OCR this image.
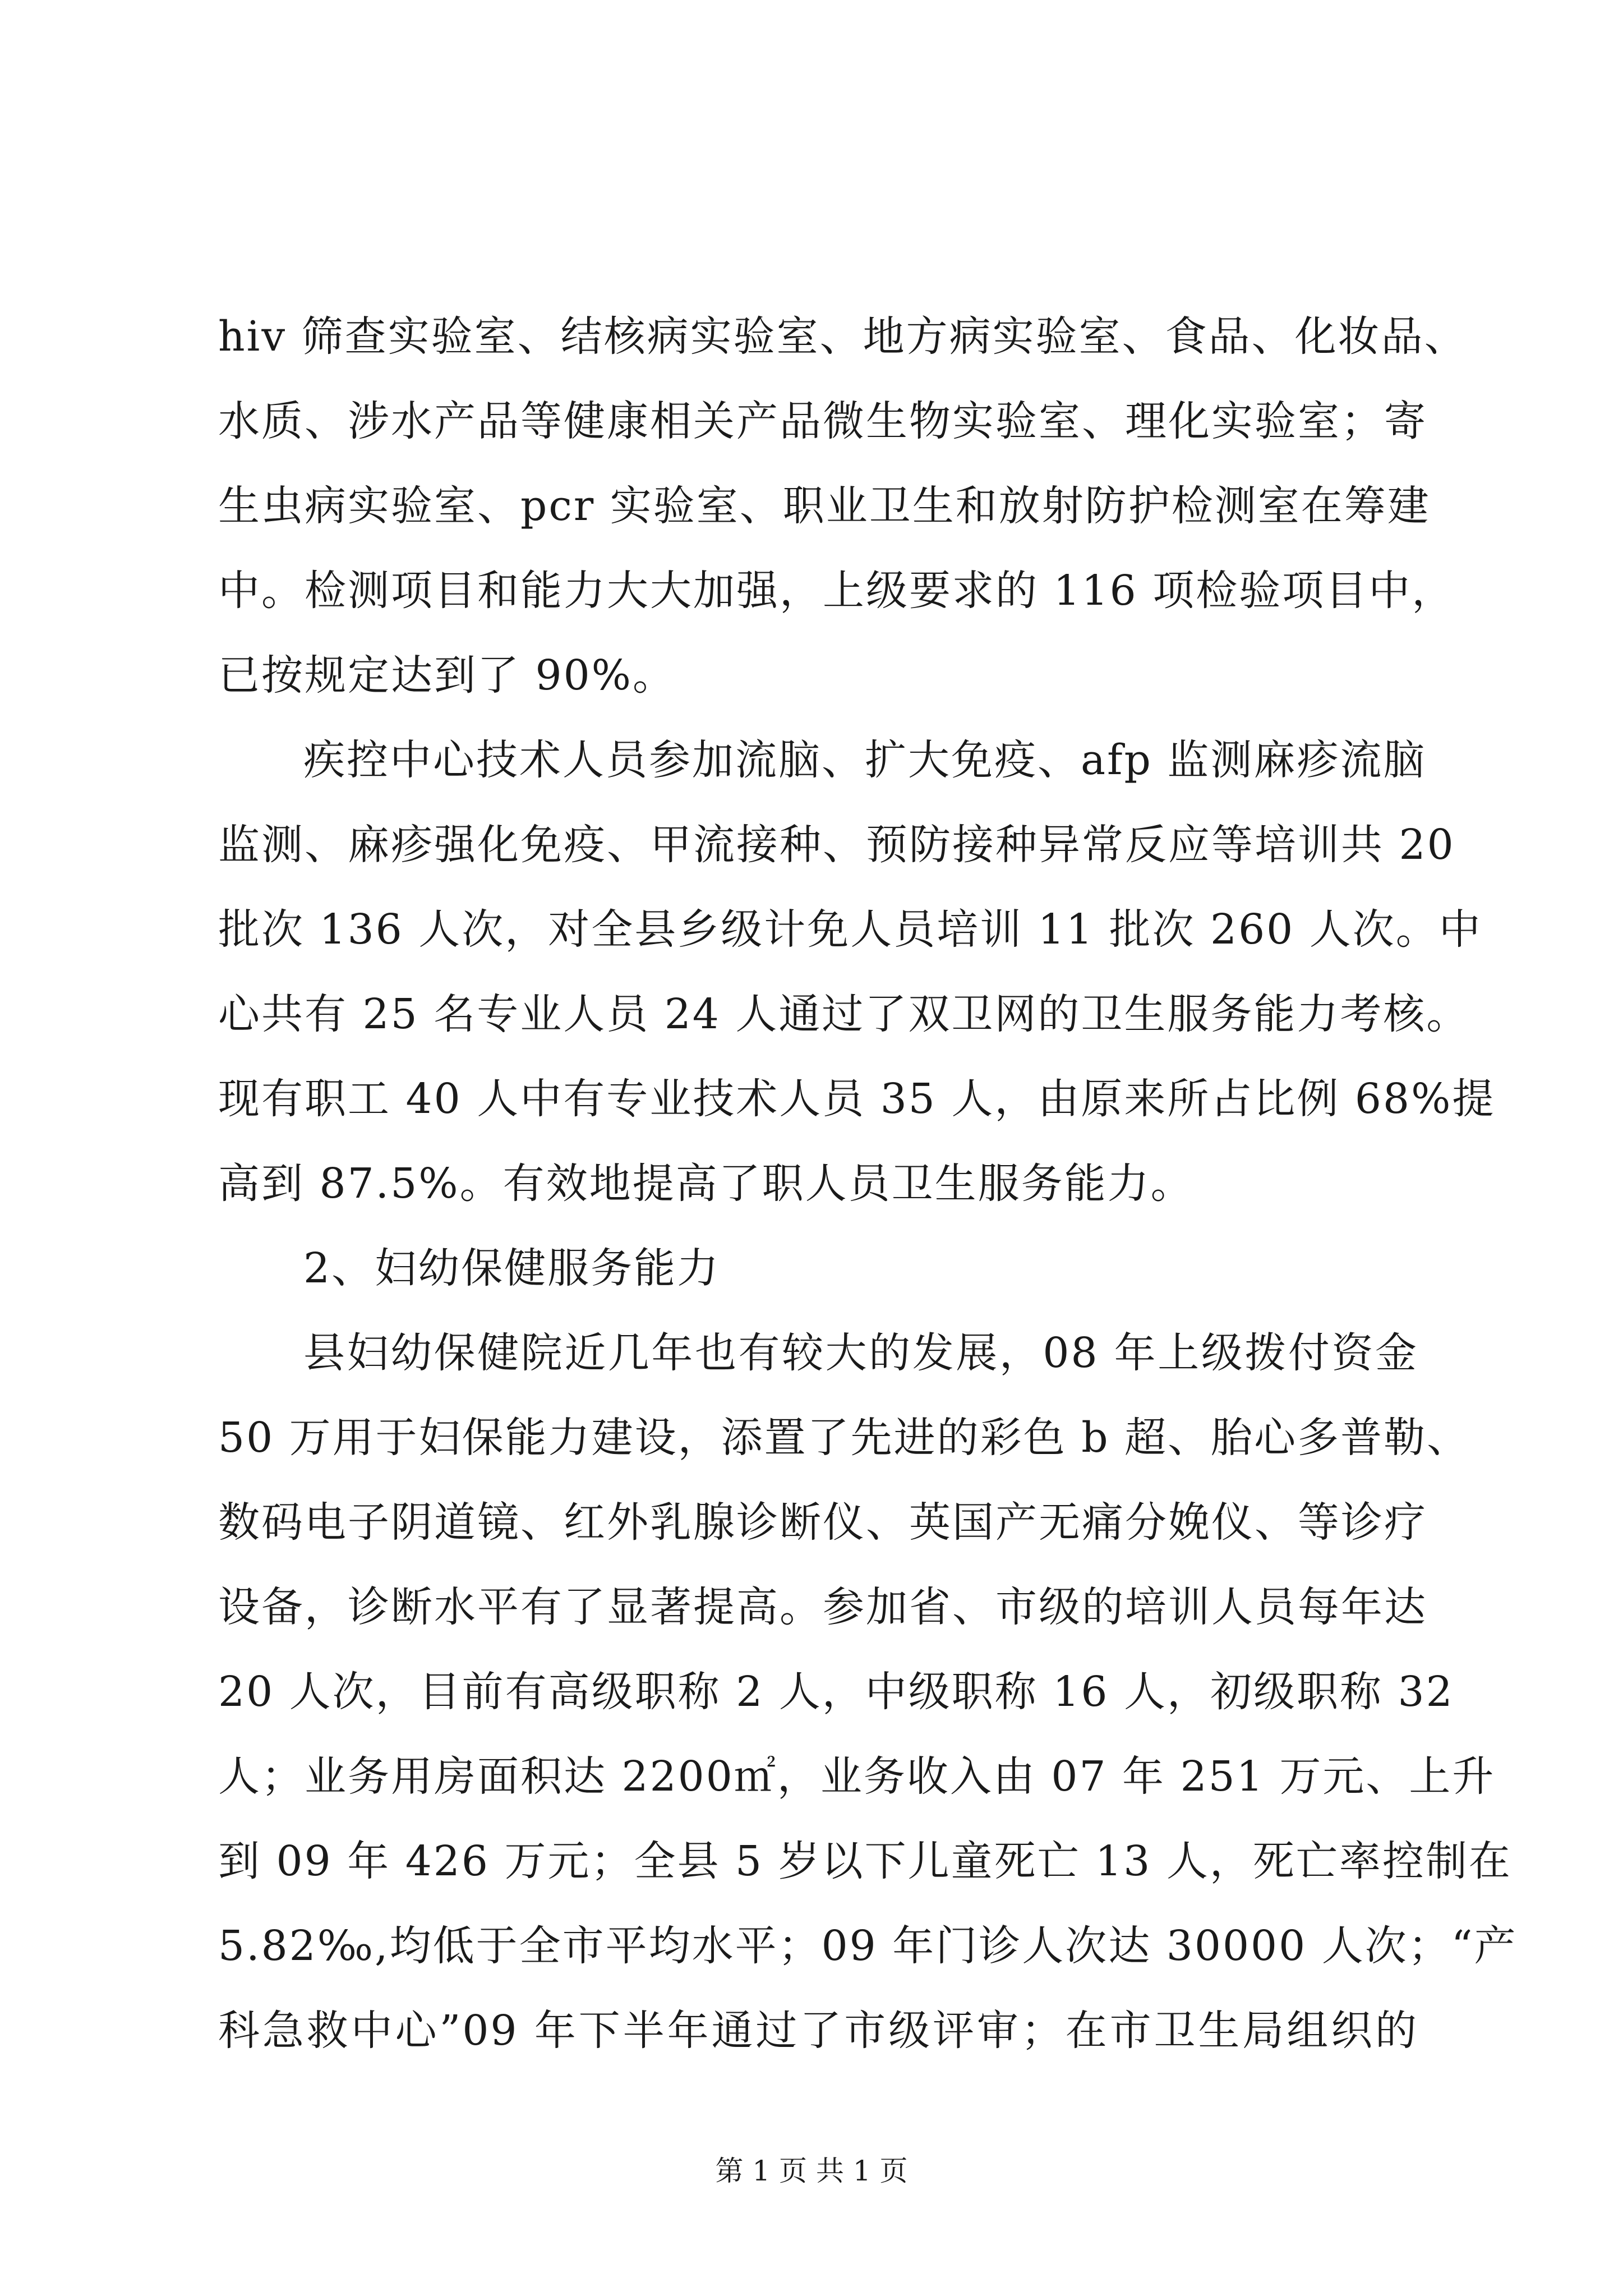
hiv 筛查实验室、结核病实验室、地方病实验室、食品、化妆品、
水质、涉水产品等健康相关产品微生物实验室、理化实验室；寄
生虫病实验室、pcr 实验室、职业卫生和放射防护检测室在筹建
中。检测项目和能力大大加强，上级要求的 116 项检验项目中，
已按规定达到了 90%。
疾控中心技术人员参加流脑、扩大免疫、afp 监测麻疹流脑
监测、麻疹强化免疫、甲流接种、预防接种异常反应等培训共 20
批次 136 人次，对全县乡级计免人员培训 11 批次 260 人次。中
心共有 25 名专业人员 24 人通过了双卫网的卫生服务能力考核。
现有职工 40 人中有专业技术人员 35 人，由原来所占比例 68%提
高到 87.5%。有效地提高了职人员卫生服务能力。
2、妇幼保健服务能力
县妇幼保健院近几年也有较大的发展，08 年上级拨付资金
50 万用于妇保能力建设，添置了先进的彩色 b 超、胎心多普勒、
数码电子阴道镜、红外乳腺诊断仪、英国产无痛分娩仪、等诊疗
设备，诊断水平有了显著提高。参加省、市级的培训人员每年达
20 人次，目前有高级职称 2 人，中级职称 16 人，初级职称 32
人；业务用房面积达 2200㎡，业务收入由 07 年 251 万元、上升
到 09 年 426 万元；全县 5 岁以下儿童死亡 13 人，死亡率控制在
5.82‰,均低于全市平均水平；09 年门诊人次达 30000 人次；“产
科急救中心”09 年下半年通过了市级评审；在市卫生局组织的
第 1 页 共 1 页
